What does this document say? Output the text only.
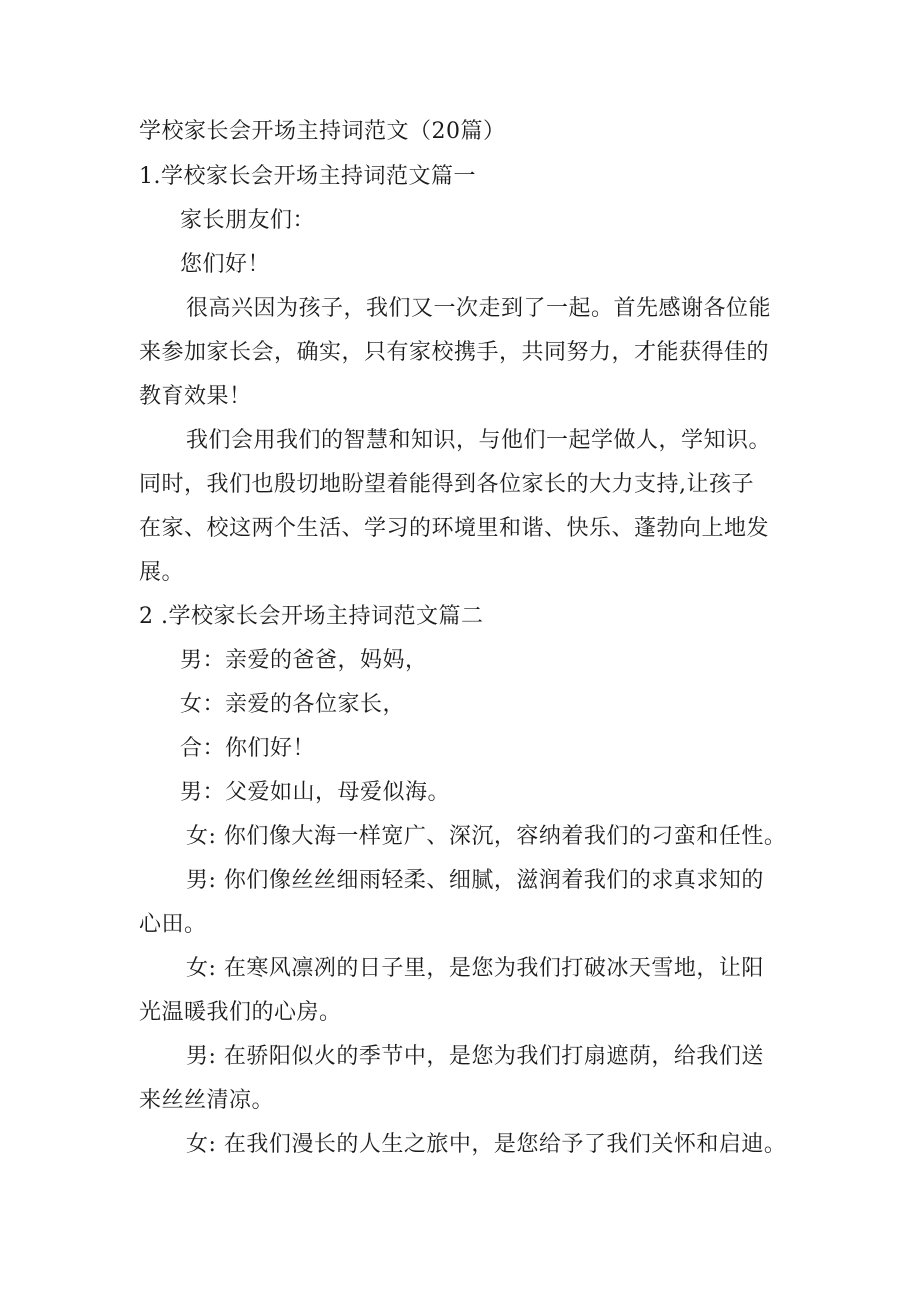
学校家长会开场主持词范文（20篇）
1.学校家长会开场主持词范文篇一
家长朋友们：
您们好！
很高兴因为孩子，我们又一次走到了一起。首先感谢各位能
来参加家长会，确实，只有家校携手，共同努力，才能获得佳的
教育效果！
我们会用我们的智慧和知识，与他们一起学做人，学知识。
同时，我们也殷切地盼望着能得到各位家长的大力支持,让孩子
在家、校这两个生活、学习的环境里和谐、快乐、蓬勃向上地发
展。
2 .学校家长会开场主持词范文篇二
男：亲爱的爸爸，妈妈，
女：亲爱的各位家长，
合：你们好！
男：父爱如山，母爱似海。
女: 你们像大海一样宽广、深沉，容纳着我们的刁蛮和任性。
男: 你们像丝丝细雨轻柔、细腻，滋润着我们的求真求知的
心田。
女: 在寒风凛冽的日子里，是您为我们打破冰天雪地，让阳
光温暖我们的心房。
男: 在骄阳似火的季节中，是您为我们打扇遮荫，给我们送
来丝丝清凉。
女: 在我们漫长的人生之旅中，是您给予了我们关怀和启迪。
